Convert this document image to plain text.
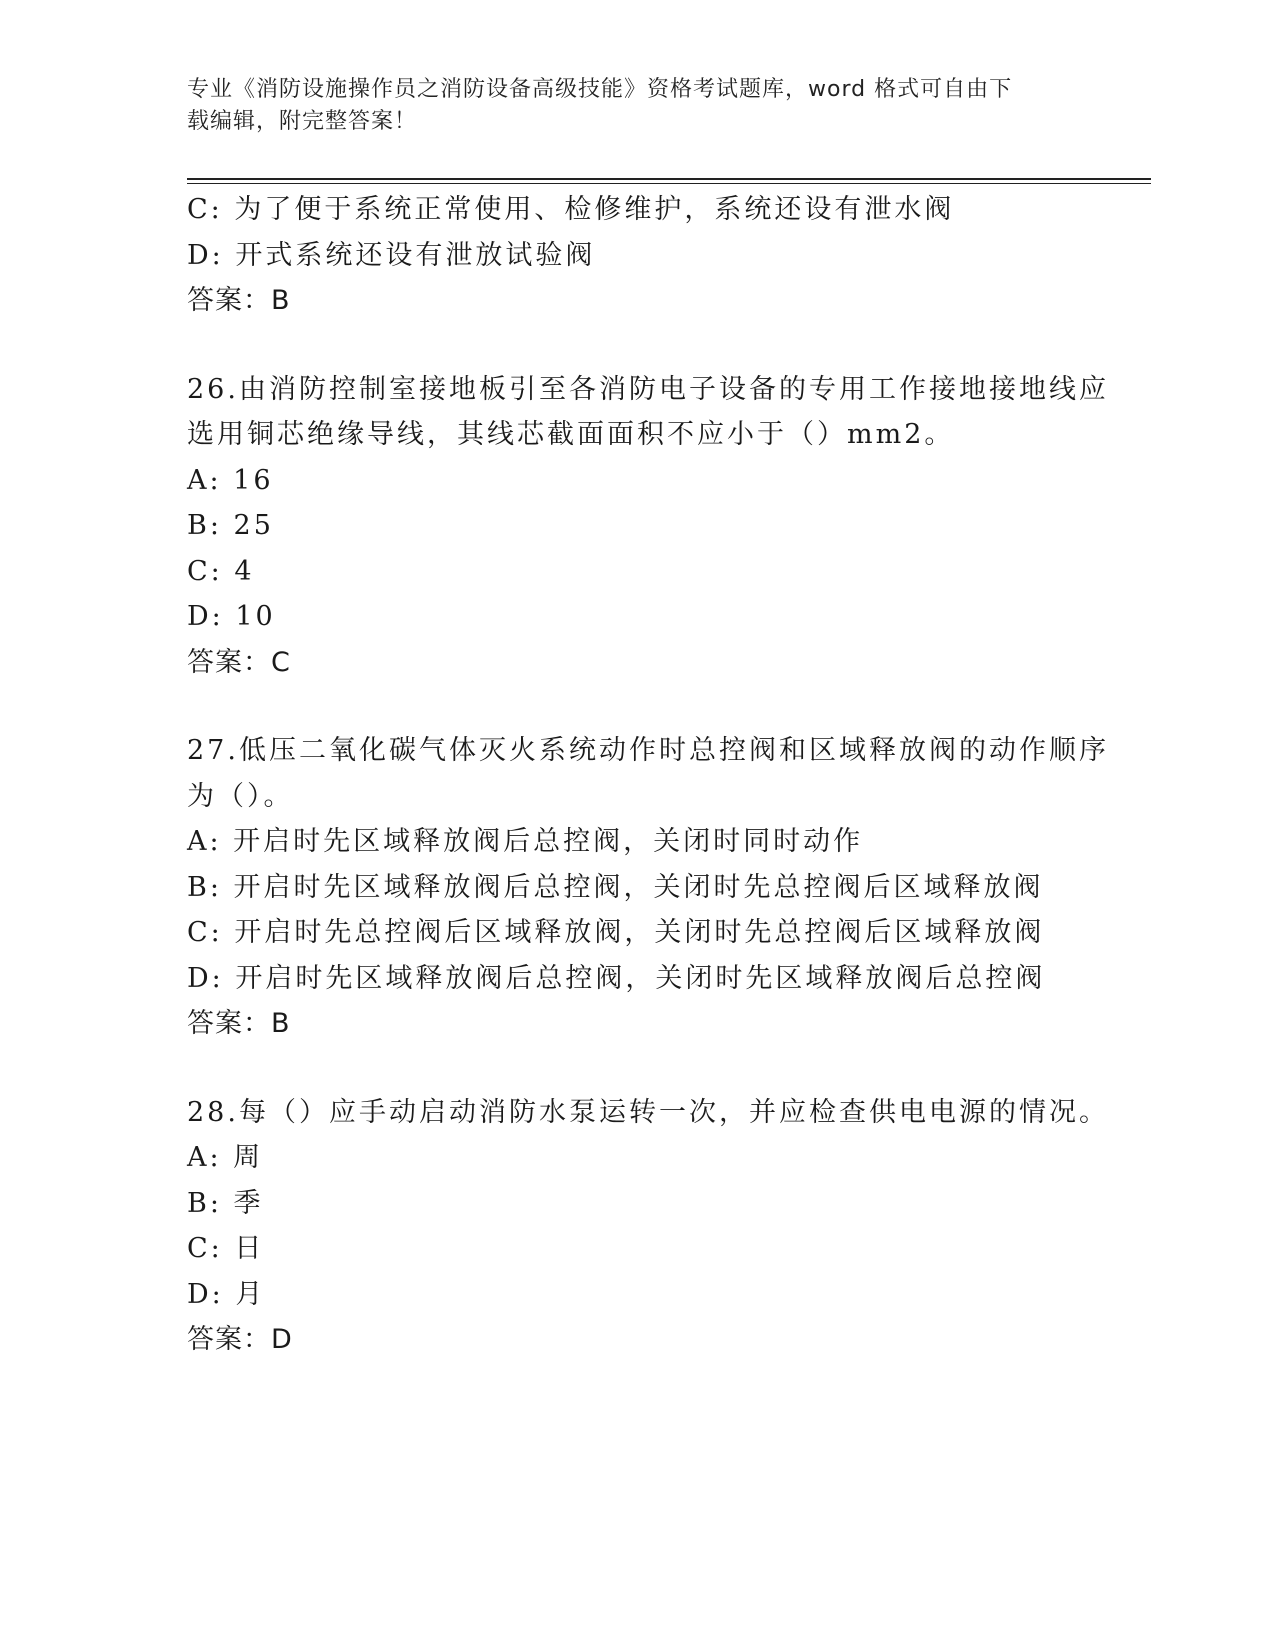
专业《消防设施操作员之消防设备高级技能》资格考试题库，word 格式可自由下
载编辑，附完整答案！
C: 为了便于系统正常使用、检修维护，系统还设有泄水阀
D: 开式系统还设有泄放试验阀
答案：B
26.由消防控制室接地板引至各消防电子设备的专用工作接地接地线应
选用铜芯绝缘导线，其线芯截面面积不应小于（）mm2。
A: 16
B: 25
C: 4
D: 10
答案：C
27.低压二氧化碳气体灭火系统动作时总控阀和区域释放阀的动作顺序
为（）。
A: 开启时先区域释放阀后总控阀，关闭时同时动作
B: 开启时先区域释放阀后总控阀，关闭时先总控阀后区域释放阀
C: 开启时先总控阀后区域释放阀，关闭时先总控阀后区域释放阀
D: 开启时先区域释放阀后总控阀，关闭时先区域释放阀后总控阀
答案：B
28.每（）应手动启动消防水泵运转一次，并应检查供电电源的情况。
A: 周
B: 季
C: 日
D: 月
答案：D
